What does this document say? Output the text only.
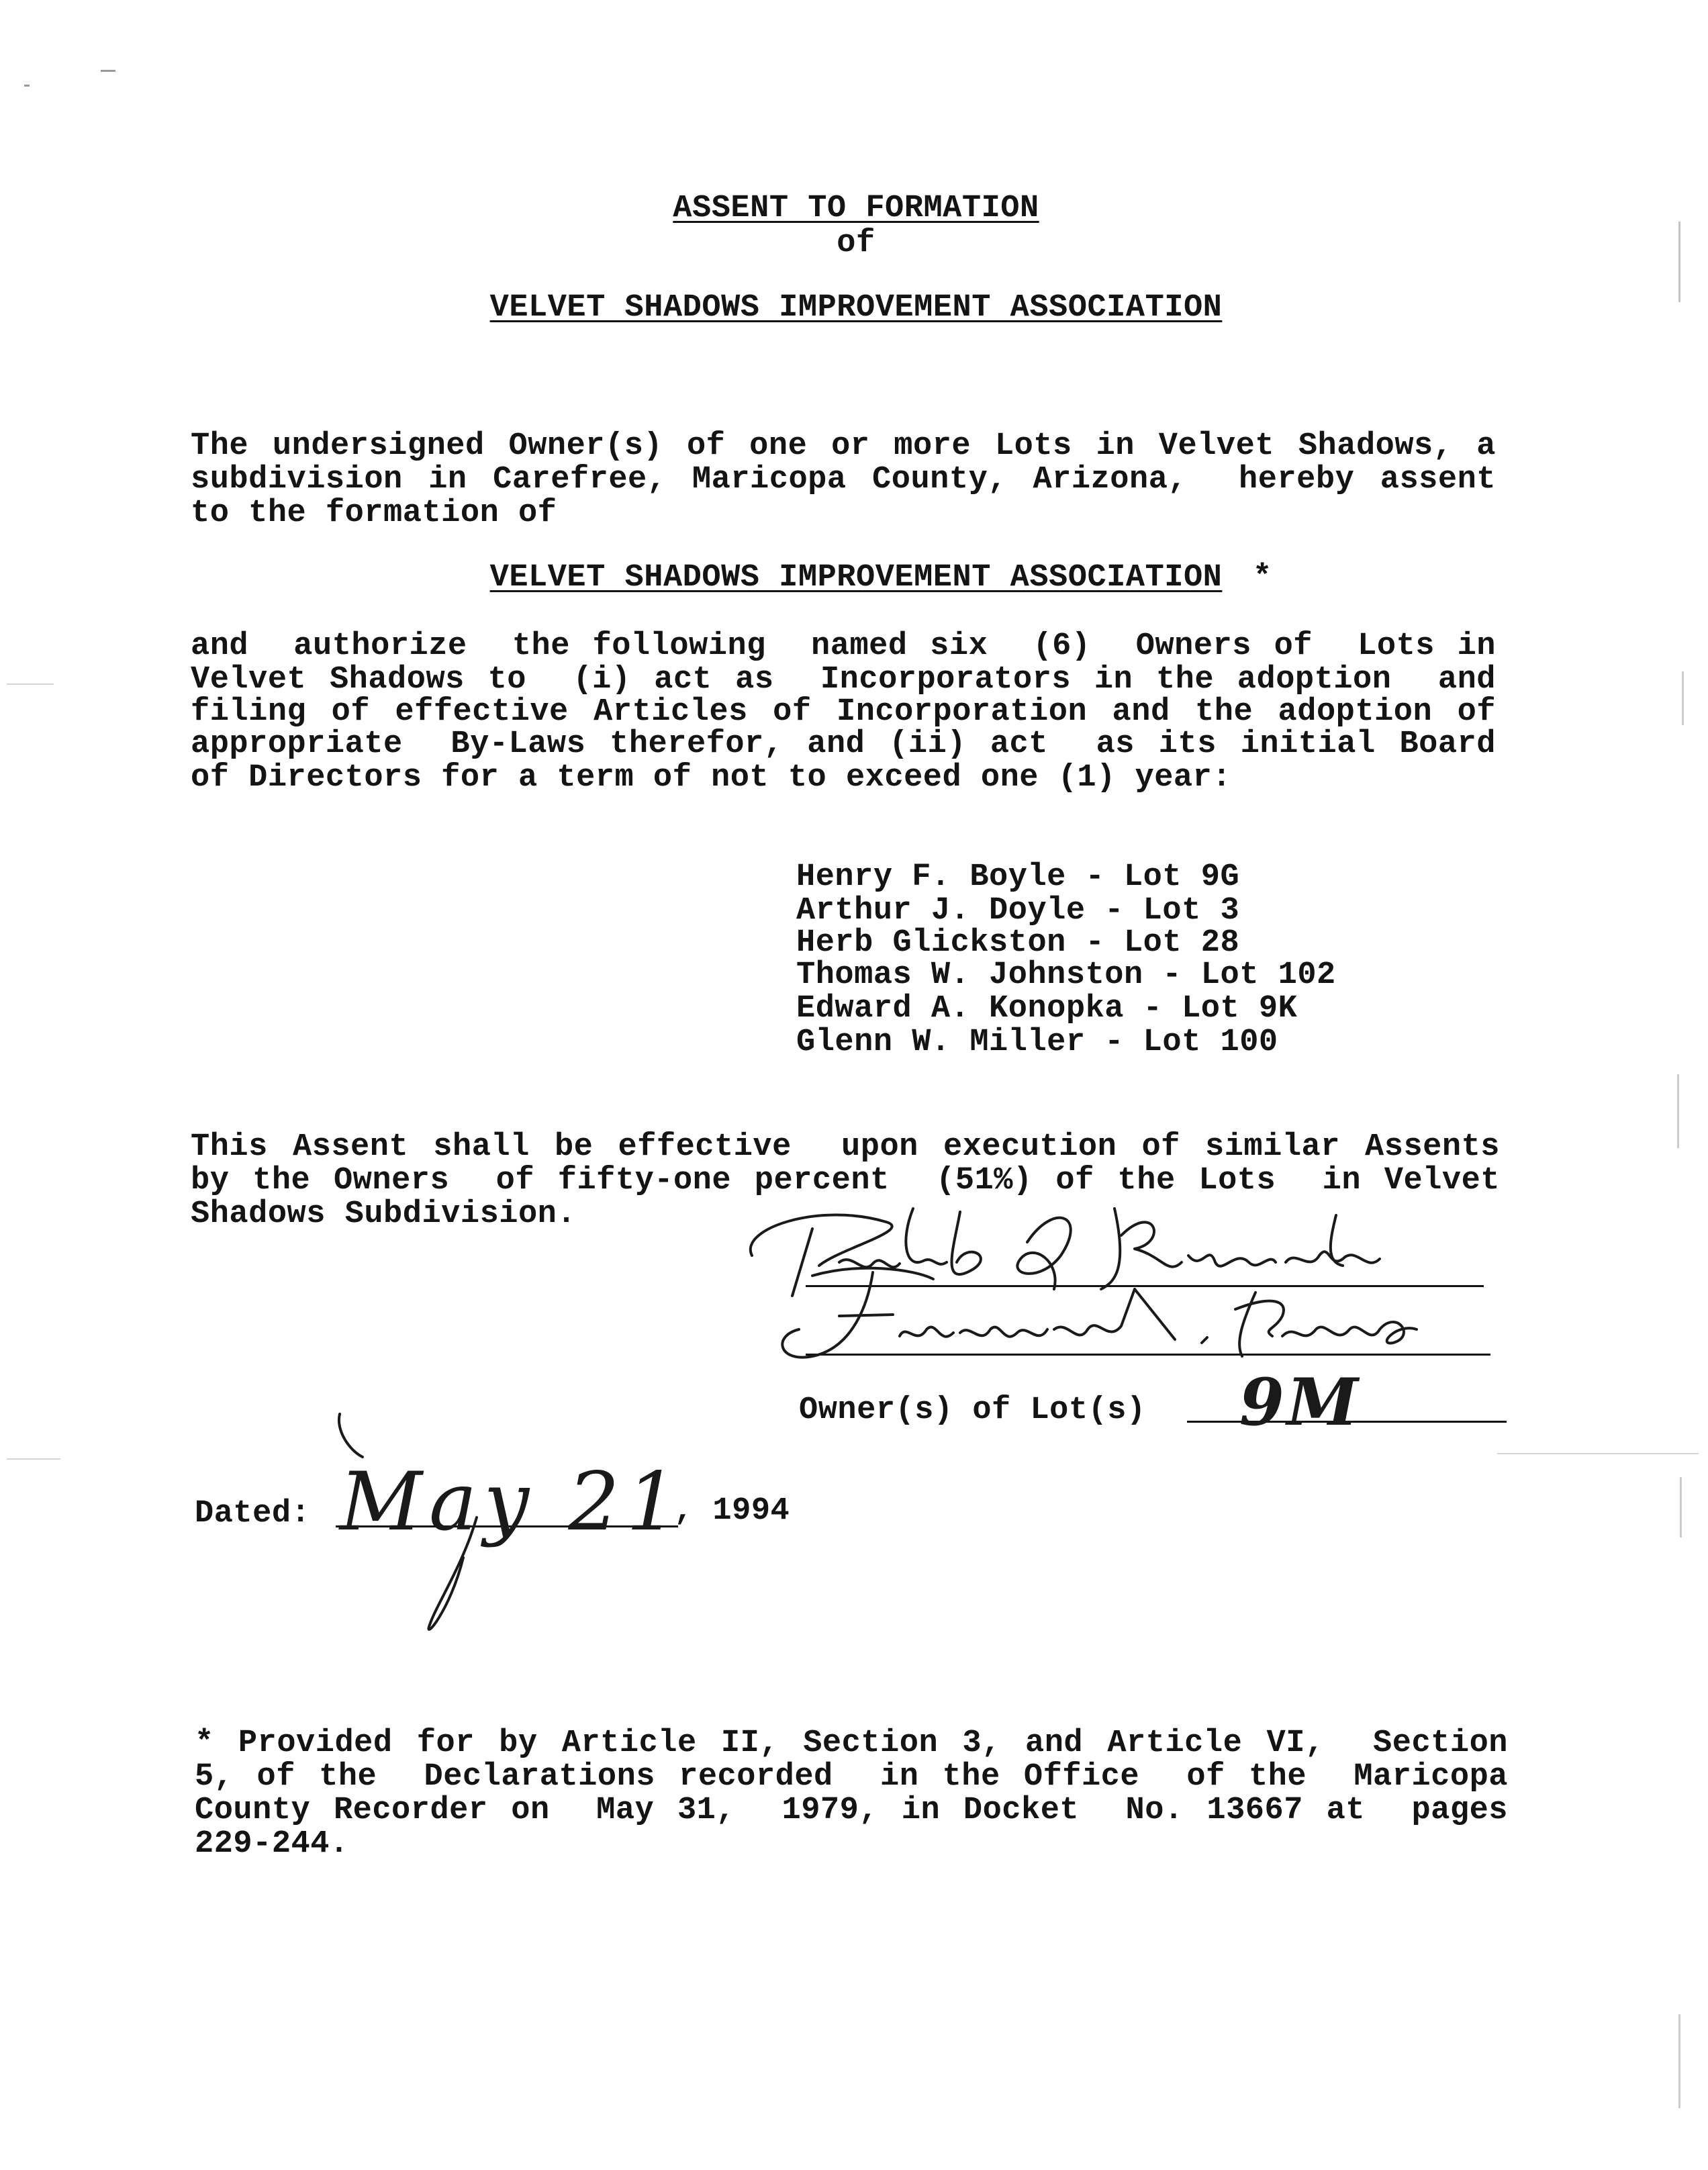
ASSENT TO FORMATION
of
VELVET SHADOWS IMPROVEMENT ASSOCIATION
The undersigned Owner(s) of one or more Lots in Velvet Shadows, a
subdivision in Carefree, Maricopa County, Arizona,  hereby assent
to the formation of
VELVET SHADOWS IMPROVEMENT ASSOCIATION *
and  authorize  the following  named six  (6)  Owners of  Lots in
Velvet Shadows to  (i) act as  Incorporators in the adoption  and
filing of effective Articles of Incorporation and the adoption of
appropriate  By-Laws therefor, and (ii) act  as its initial Board
of Directors for a term of not to exceed one (1) year:
Henry F. Boyle - Lot 9G
Arthur J. Doyle - Lot 3
Herb Glickston - Lot 28
Thomas W. Johnston - Lot 102
Edward A. Konopka - Lot 9K
Glenn W. Miller - Lot 100
This Assent shall be effective  upon execution of similar Assents
by the Owners  of fifty-one percent  (51%) of the Lots  in Velvet
Shadows Subdivision.
Owner(s) of Lot(s) 9M
Dated: May 21
, 1994
* Provided for by Article II, Section 3, and Article VI,  Section
5, of the  Declarations recorded  in the Office  of the  Maricopa
County Recorder on  May 31,  1979, in Docket  No. 13667 at  pages
229-244.
